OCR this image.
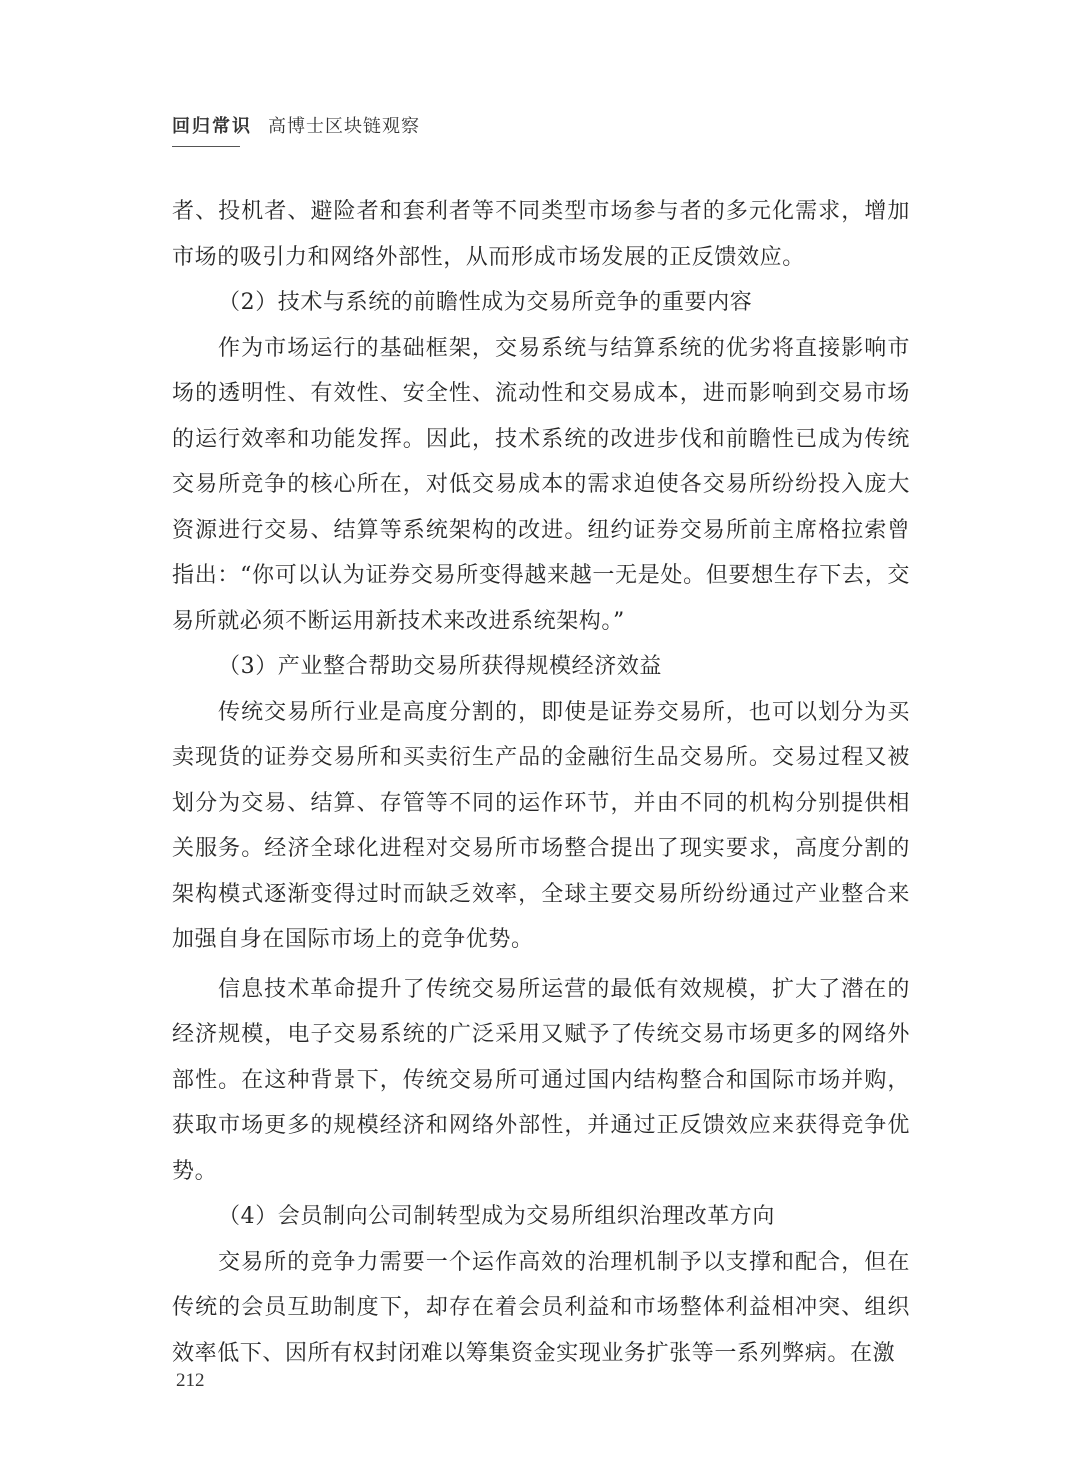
回归常识 高博士区块链观察

者、投机者、避险者和套利者等不同类型市场参与者的多元化需求，增加市场的吸引力和网络外部性，从而形成市场发展的正反馈效应。

（2）技术与系统的前瞻性成为交易所竞争的重要内容

作为市场运行的基础框架，交易系统与结算系统的优劣将直接影响市场的透明性、有效性、安全性、流动性和交易成本，进而影响到交易市场的运行效率和功能发挥。因此，技术系统的改进步伐和前瞻性已成为传统交易所竞争的核心所在，对低交易成本的需求迫使各交易所纷纷投入庞大资源进行交易、结算等系统架构的改进。纽约证券交易所前主席格拉索曾指出：“你可以认为证券交易所变得越来越一无是处。但要想生存下去，交易所就必须不断运用新技术来改进系统架构。”

（3）产业整合帮助交易所获得规模经济效益

传统交易所行业是高度分割的，即使是证券交易所，也可以划分为买卖现货的证券交易所和买卖衍生产品的金融衍生品交易所。交易过程又被划分为交易、结算、存管等不同的运作环节，并由不同的机构分别提供相关服务。经济全球化进程对交易所市场整合提出了现实要求，高度分割的架构模式逐渐变得过时而缺乏效率，全球主要交易所纷纷通过产业整合来加强自身在国际市场上的竞争优势。

信息技术革命提升了传统交易所运营的最低有效规模，扩大了潜在的经济规模，电子交易系统的广泛采用又赋予了传统交易市场更多的网络外部性。在这种背景下，传统交易所可通过国内结构整合和国际市场并购，获取市场更多的规模经济和网络外部性，并通过正反馈效应来获得竞争优势。

（4）会员制向公司制转型成为交易所组织治理改革方向

交易所的竞争力需要一个运作高效的治理机制予以支撑和配合，但在传统的会员互助制度下，却存在着会员利益和市场整体利益相冲突、组织效率低下、因所有权封闭难以筹集资金实现业务扩张等一系列弊病。在激

212
